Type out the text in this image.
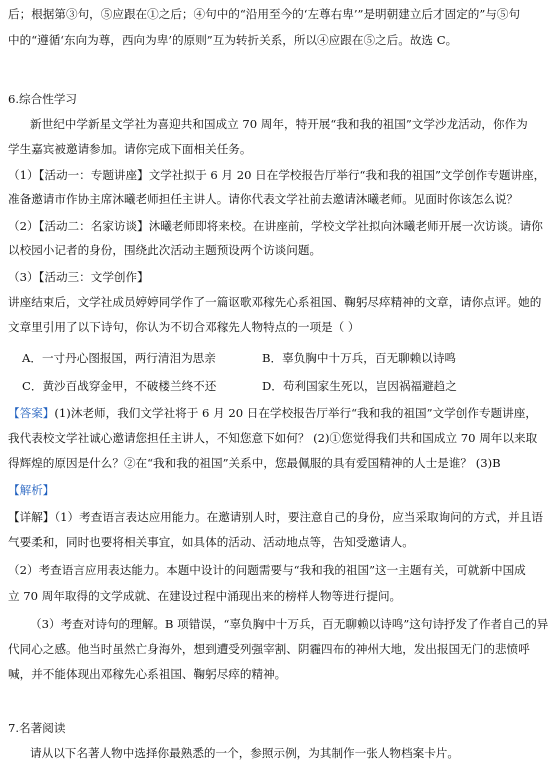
后；根据第③句，⑤应跟在①之后；④句中的“沿用至今的‘左尊右卑’”是明朝建立后才固定的”与⑤句
中的“遵循‘东向为尊，西向为卑’的原则”互为转折关系，所以④应跟在⑤之后。故选 C。
6.综合性学习
新世纪中学新星文学社为喜迎共和国成立 70 周年，特开展“我和我的祖国”文学沙龙活动，你作为
学生嘉宾被邀请参加。请你完成下面相关任务。
（1）【活动一：专题讲座】文学社拟于 6 月 20 日在学校报告厅举行“我和我的祖国”文学创作专题讲座，
准备邀请市作协主席沐曦老师担任主讲人。请你代表文学社前去邀请沐曦老师。见面时你该怎么说？
（2）【活动二：名家访谈】沐曦老师即将来校。在讲座前，学校文学社拟向沐曦老师开展一次访谈。请你
以校园小记者的身份，围绕此次活动主题预设两个访谈问题。
（3）【活动三：文学创作】
讲座结束后，文学社成员婷婷同学作了一篇讴歌邓稼先心系祖国、鞠躬尽瘁精神的文章，请你点评。她的
文章里引用了以下诗句，你认为不切合邓稼先人物特点的一项是（ ）
A．一寸丹心图报国，两行清泪为思亲	B．辜负胸中十万兵，百无聊赖以诗鸣
C．黄沙百战穿金甲，不破楼兰终不还	D．苟利国家生死以，岂因祸福避趋之
【答案】(1)沐老师，我们文学社将于 6 月 20 日在学校报告厅举行“我和我的祖国”文学创作专题讲座，
我代表校文学社诚心邀请您担任主讲人，不知您意下如何？ (2)①您觉得我们共和国成立 70 周年以来取
得辉煌的原因是什么？②在“我和我的祖国”关系中，您最佩服的具有爱国精神的人士是谁？ (3)B
【解析】
【详解】（1）考查语言表达应用能力。在邀请别人时，要注意自己的身份，应当采取询问的方式，并且语
气要柔和，同时也要将相关事宜，如具体的活动、活动地点等，告知受邀请人。
（2）考查语言应用表达能力。本题中设计的问题需要与“我和我的祖国”这一主题有关，可就新中国成
立 70 周年取得的文学成就、在建设过程中涌现出来的榜样人物等进行提问。
（3）考查对诗句的理解。B 项错误，“辜负胸中十万兵，百无聊赖以诗鸣”这句诗抒发了作者自己的异
代同心之感。他当时虽然亡身海外，想到遭受列强宰割、阴霾四布的神州大地，发出报国无门的悲愤呼
喊，并不能体现出邓稼先心系祖国、鞠躬尽瘁的精神。
7.名著阅读
请从以下名著人物中选择你最熟悉的一个，参照示例，为其制作一张人物档案卡片。
